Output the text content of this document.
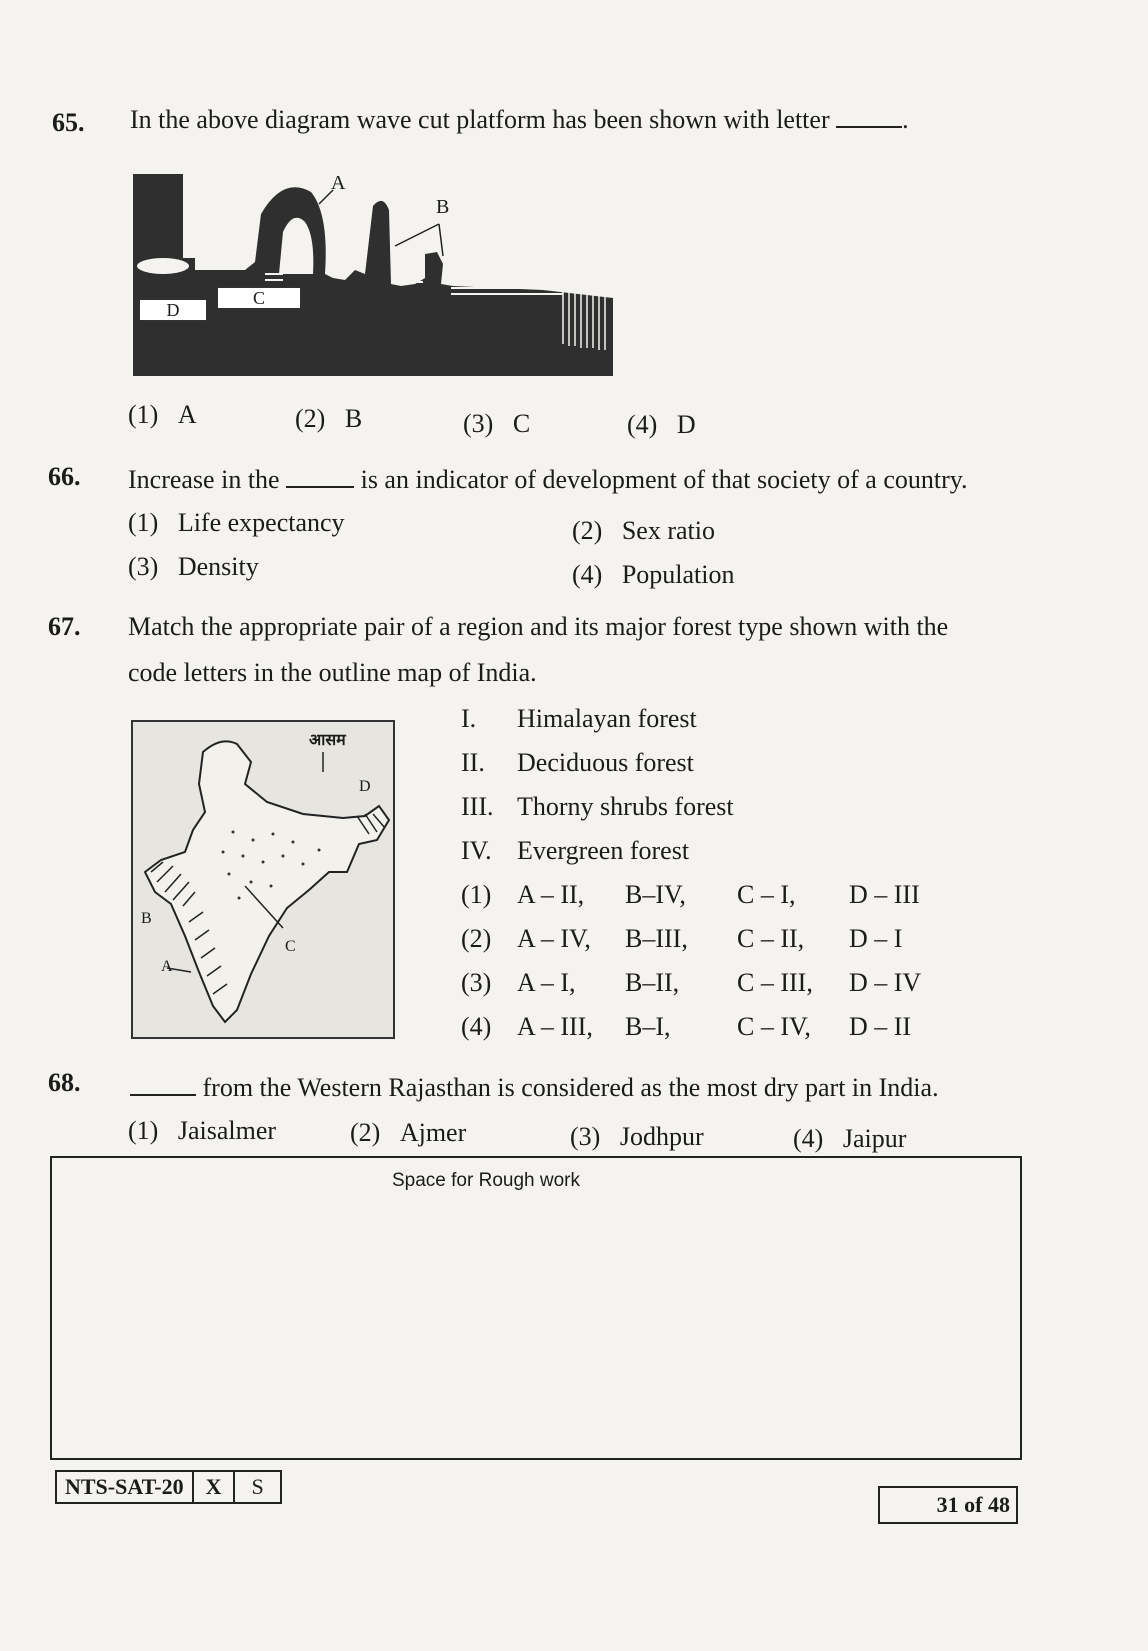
65. In the above diagram wave cut platform has been shown with letter	.
A
B
C
D
(1) A	(2) B	(3) C	(4) D
66. Increase in the	is an indicator of development of that society of a country.
(1) Life expectancy	(2) Sex ratio
(3) Density	(4) Population
67. Match the appropriate pair of a region and its major forest type shown with the
code letters in the outline map of India.
आसम
B
A
C
D
I. Himalayan forest
II. Deciduous forest
III. Thorny shrubs forest
IV. Evergreen forest
(1) A – II, B–IV, C – I, D – III
(2) A – IV, B–III, C – II, D – I
(3) A – I, B–II, C – III, D – IV
(4) A – III, B–I,	C – IV, D – II
68.	from the Western Rajasthan is considered as the most dry part in India.
(1) Jaisalmer	(2) Ajmer	(3) Jodhpur	(4) Jaipur
Space for Rough work
NTS-SAT-20	X	S
31 of 48
